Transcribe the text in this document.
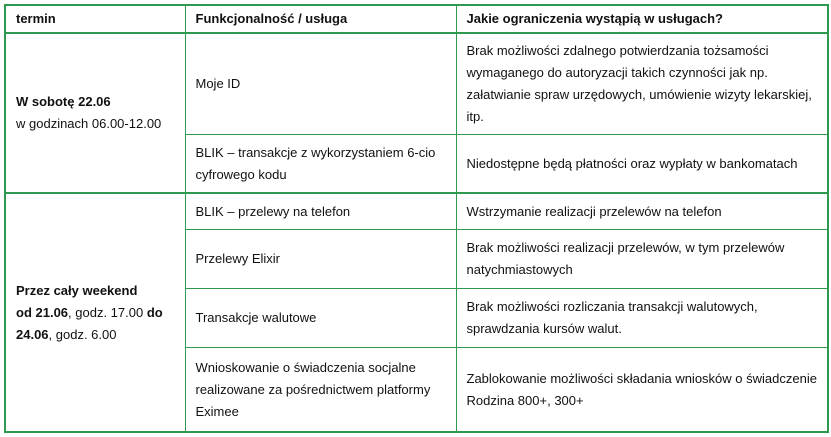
termin	Funkcjonalność / usługa	Jakie ograniczenia wystąpią w usługach?
W sobotę 22.06
w godzinach 06.00-12.00	Moje ID	Brak możliwości zdalnego potwierdzania tożsamości wymaganego do autoryzacji takich czynności jak np. załatwianie spraw urzędowych, umówienie wizyty lekarskiej, itp.
	BLIK – transakcje z wykorzystaniem 6-cio cyfrowego kodu	Niedostępne będą płatności oraz wypłaty w bankomatach
Przez cały weekend
od 21.06, godz. 17.00 do
24.06, godz. 6.00	BLIK – przelewy na telefon	Wstrzymanie realizacji przelewów na telefon
	Przelewy Elixir	Brak możliwości realizacji przelewów, w tym przelewów natychmiastowych
	Transakcje walutowe	Brak możliwości rozliczania transakcji walutowych, sprawdzania kursów walut.
	Wnioskowanie o świadczenia socjalne realizowane za pośrednictwem platformy Eximee	Zablokowanie możliwości składania wniosków o świadczenie Rodzina 800+, 300+
